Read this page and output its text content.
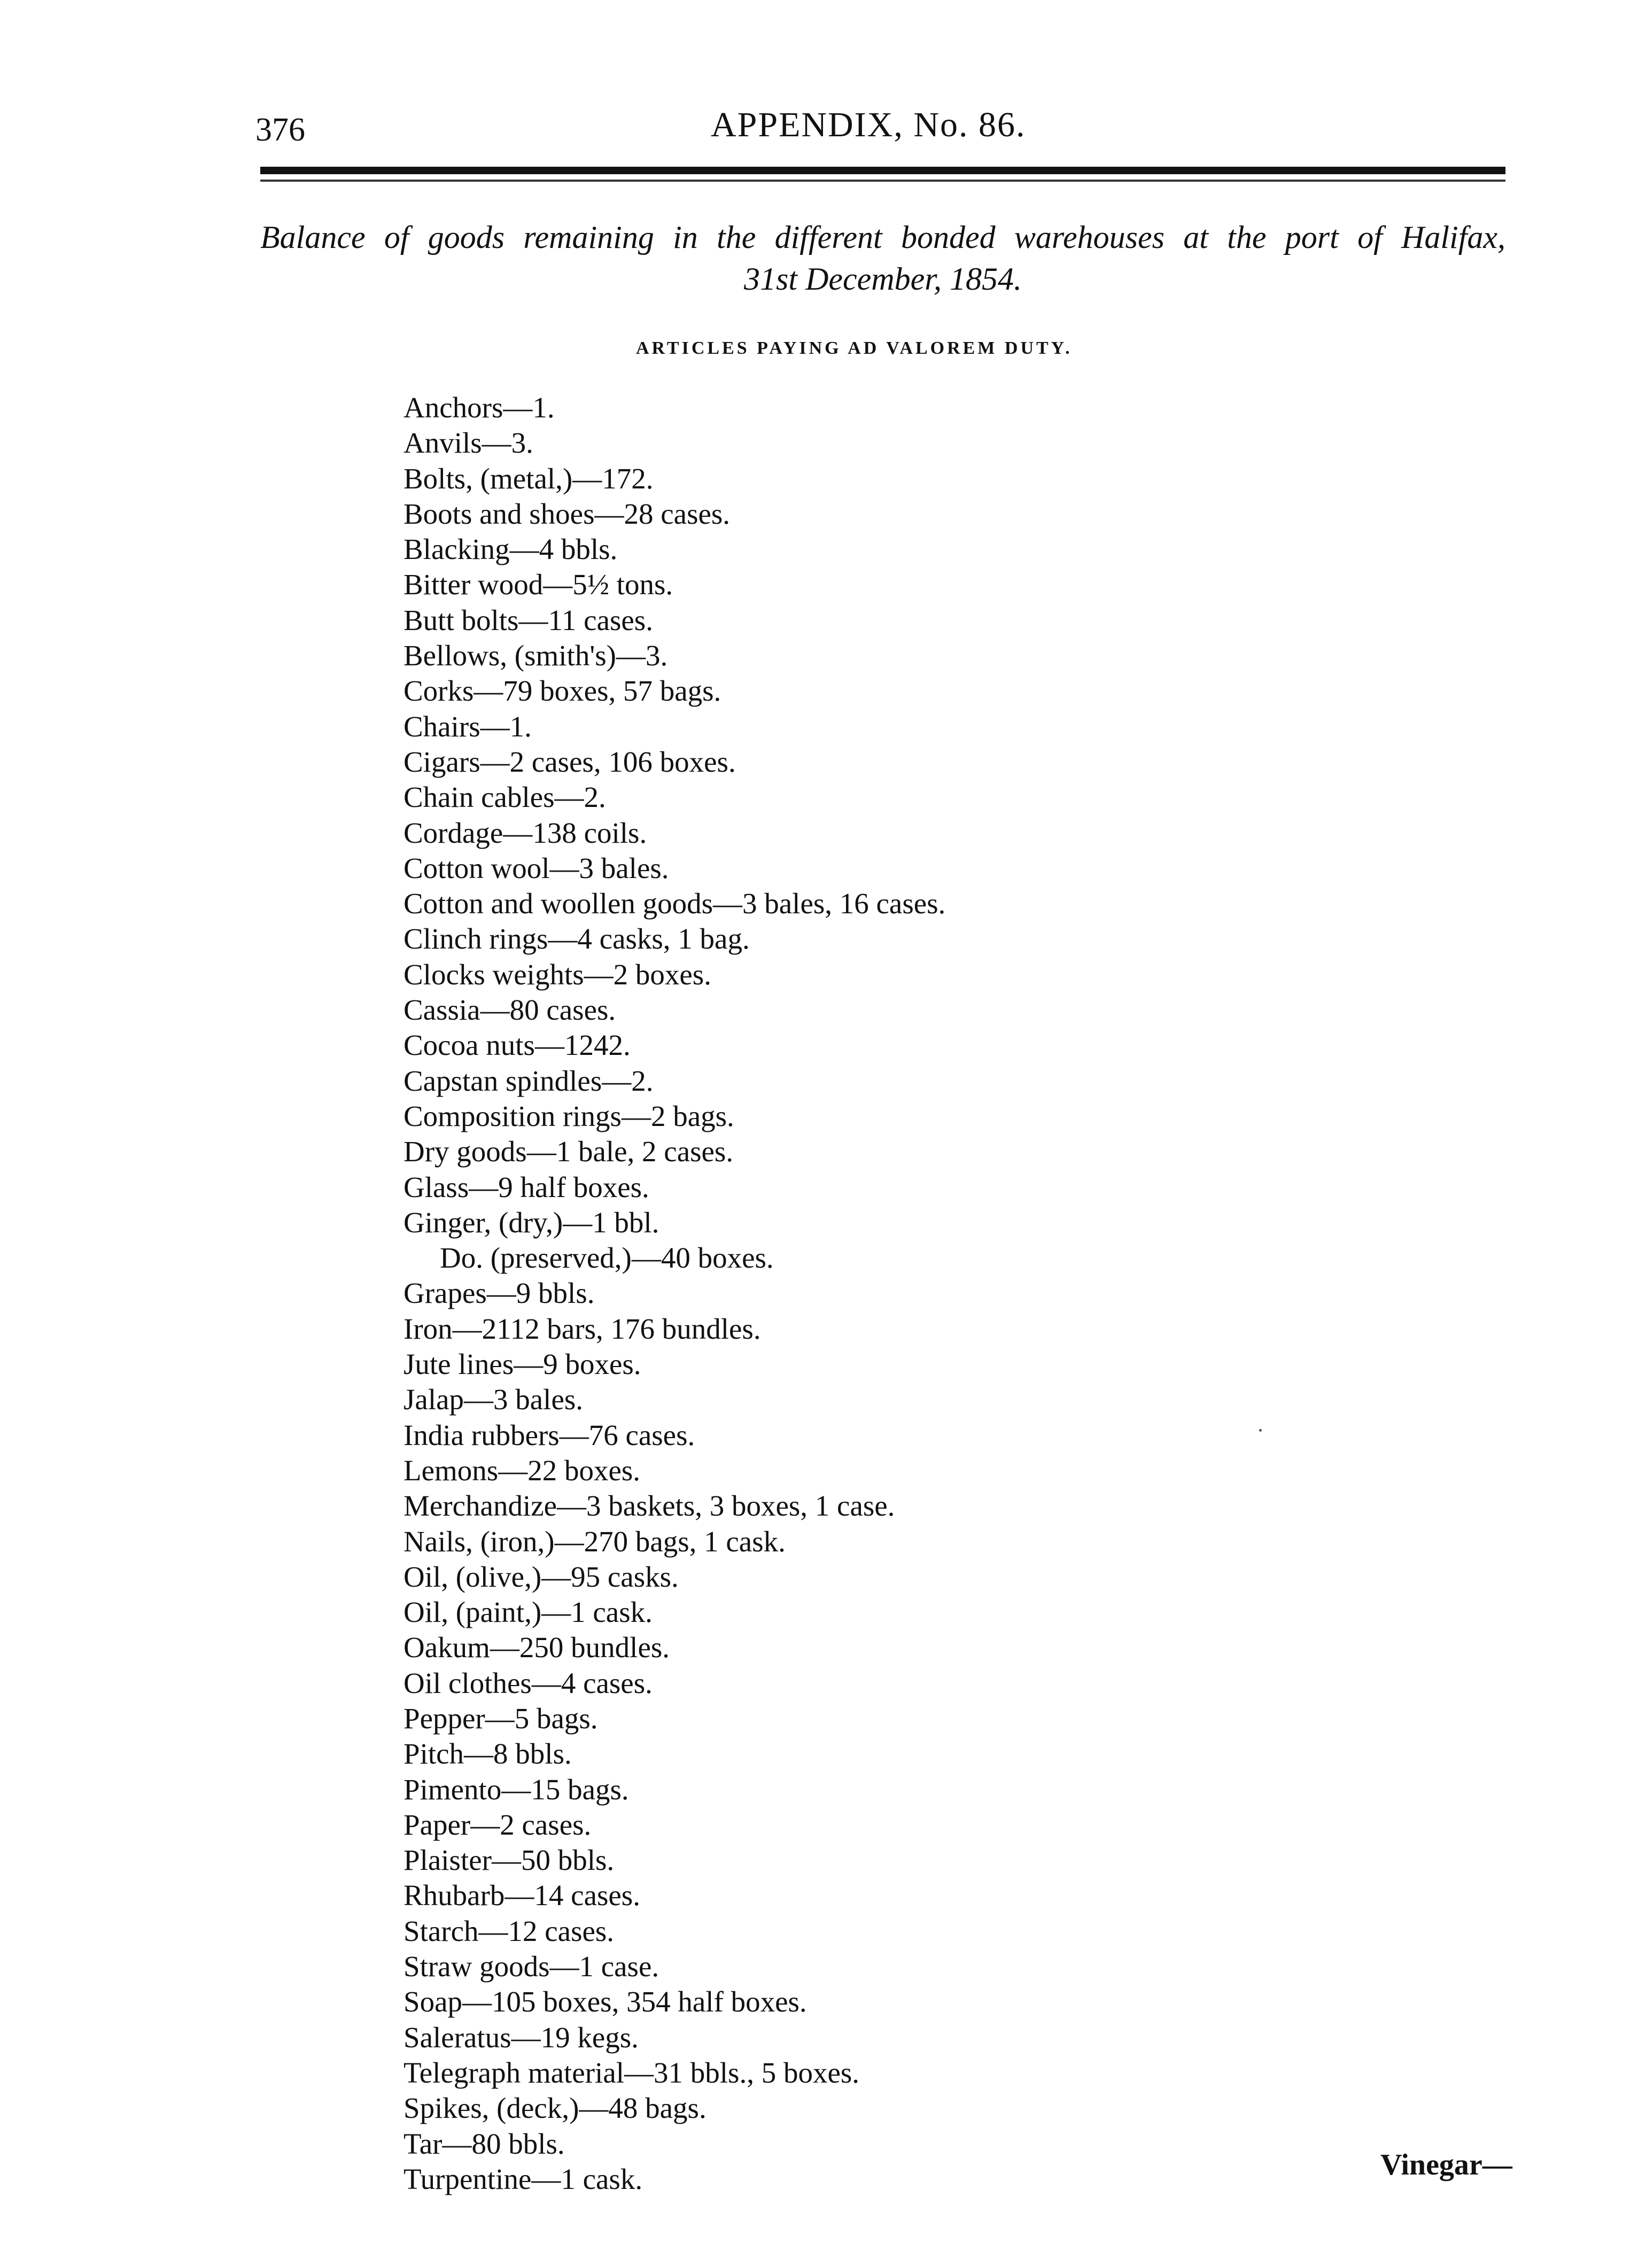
376	APPENDIX, No. 86.
Balance of goods remaining in the different bonded warehouses at the port of Halifax,
31st December, 1854.
ARTICLES PAYING AD VALOREM DUTY.
Anchors—1.
Anvils—3.
Bolts, (metal,)—172.
Boots and shoes—28 cases.
Blacking—4 bbls.
Bitter wood—5½ tons.
Butt bolts—11 cases.
Bellows, (smith's)—3.
Corks—79 boxes, 57 bags.
Chairs—1.
Cigars—2 cases, 106 boxes.
Chain cables—2.
Cordage—138 coils.
Cotton wool—3 bales.
Cotton and woollen goods—3 bales, 16 cases.
Clinch rings—4 casks, 1 bag.
Clocks weights—2 boxes.
Cassia—80 cases.
Cocoa nuts—1242.
Capstan spindles—2.
Composition rings—2 bags.
Dry goods—1 bale, 2 cases.
Glass—9 half boxes.
Ginger, (dry,)—1 bbl.
Do. (preserved,)—40 boxes.
Grapes—9 bbls.
Iron—2112 bars, 176 bundles.
Jute lines—9 boxes.
Jalap—3 bales.
India rubbers—76 cases.
Lemons—22 boxes.
Merchandize—3 baskets, 3 boxes, 1 case.
Nails, (iron,)—270 bags, 1 cask.
Oil, (olive,)—95 casks.
Oil, (paint,)—1 cask.
Oakum—250 bundles.
Oil clothes—4 cases.
Pepper—5 bags.
Pitch—8 bbls.
Pimento—15 bags.
Paper—2 cases.
Plaister—50 bbls.
Rhubarb—14 cases.
Starch—12 cases.
Straw goods—1 case.
Soap—105 boxes, 354 half boxes.
Saleratus—19 kegs.
Telegraph material—31 bbls., 5 boxes.
Spikes, (deck,)—48 bags.
Tar—80 bbls.
Turpentine—1 cask.	Vinegar—
